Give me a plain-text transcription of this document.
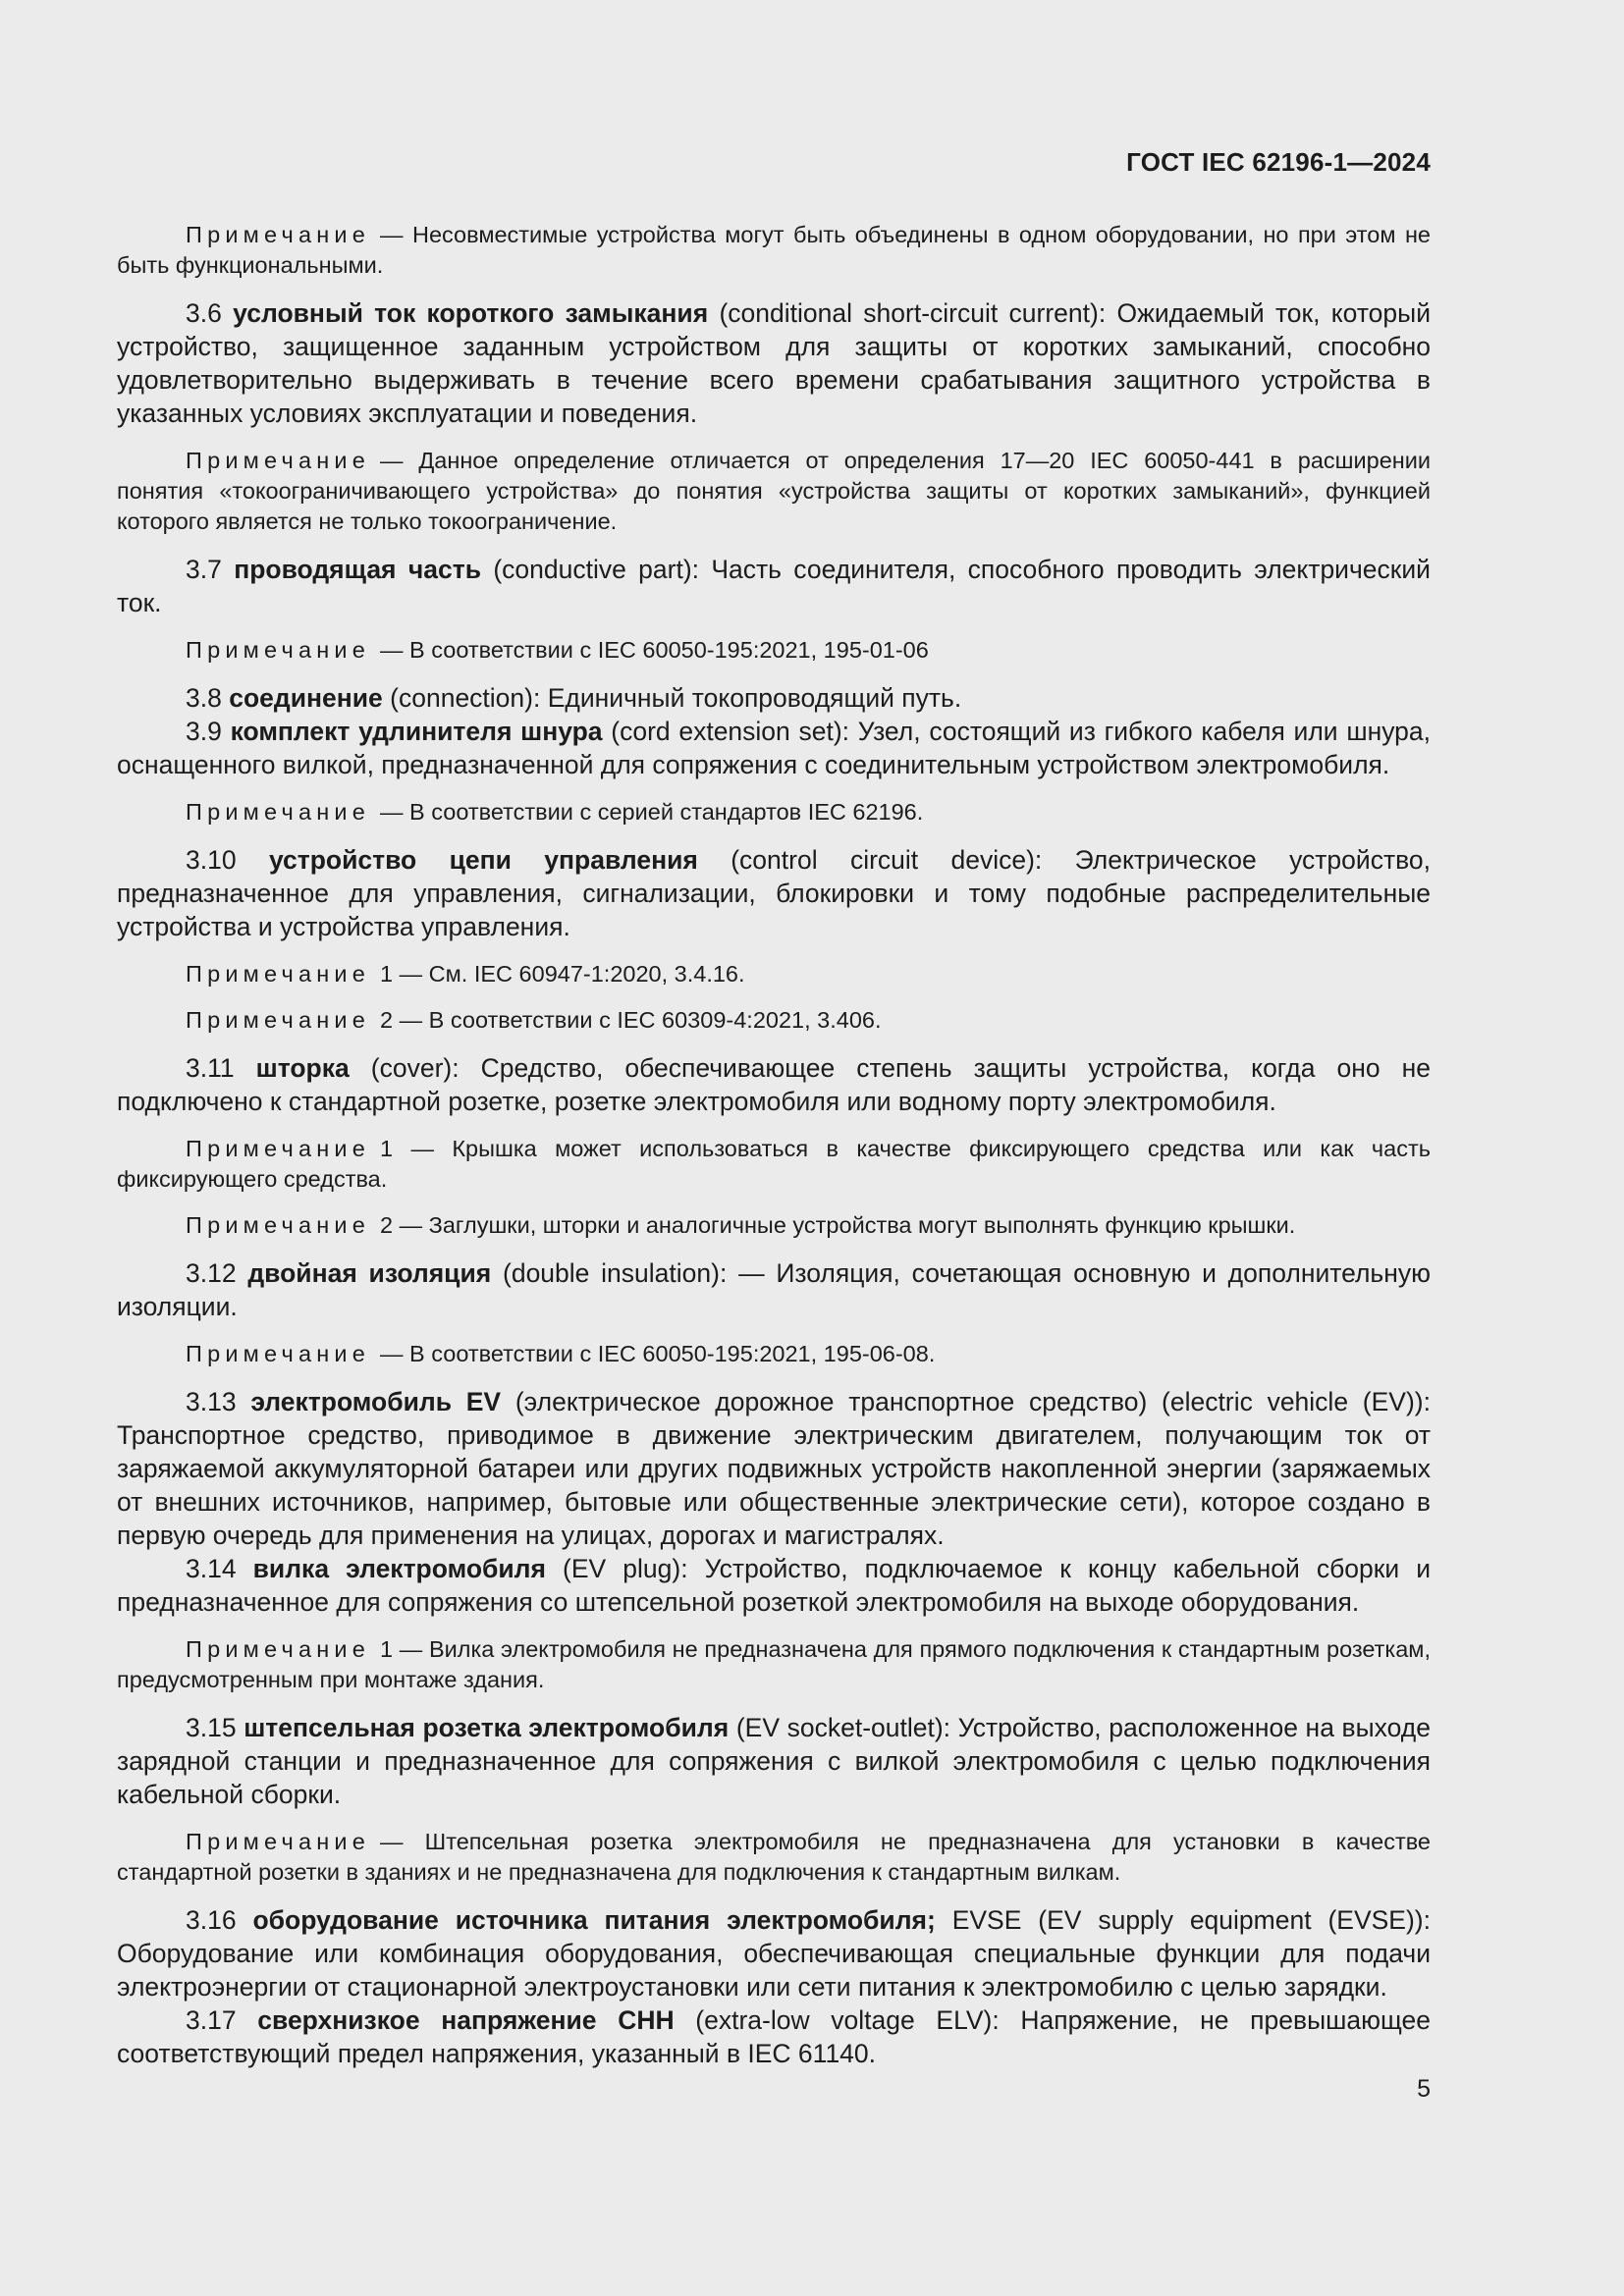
ГОСТ IEC 62196-1—2024

Примечание — Несовместимые устройства могут быть объединены в одном оборудовании, но при этом не быть функциональными.

3.6 условный ток короткого замыкания (conditional short-circuit current): Ожидаемый ток, который устройство, защищенное заданным устройством для защиты от коротких замыканий, способно удовлетворительно выдерживать в течение всего времени срабатывания защитного устройства в указанных условиях эксплуатации и поведения.

Примечание — Данное определение отличается от определения 17—20 IEC 60050-441 в расширении понятия «токоограничивающего устройства» до понятия «устройства защиты от коротких замыканий», функцией которого является не только токоограничение.

3.7 проводящая часть (conductive part): Часть соединителя, способного проводить электрический ток.

Примечание — В соответствии с IEC 60050-195:2021, 195-01-06

3.8 соединение (connection): Единичный токопроводящий путь.

3.9 комплект удлинителя шнура (cord extension set): Узел, состоящий из гибкого кабеля или шнура, оснащенного вилкой, предназначенной для сопряжения с соединительным устройством электромобиля.

Примечание — В соответствии с серией стандартов IEC 62196.

3.10 устройство цепи управления (control circuit device): Электрическое устройство, предназначенное для управления, сигнализации, блокировки и тому подобные распределительные устройства и устройства управления.

Примечание 1 — См. IEC 60947-1:2020, 3.4.16.

Примечание 2 — В соответствии с IEC 60309-4:2021, 3.406.

3.11 шторка (cover): Средство, обеспечивающее степень защиты устройства, когда оно не подключено к стандартной розетке, розетке электромобиля или водному порту электромобиля.

Примечание 1 — Крышка может использоваться в качестве фиксирующего средства или как часть фиксирующего средства.

Примечание 2 — Заглушки, шторки и аналогичные устройства могут выполнять функцию крышки.

3.12 двойная изоляция (double insulation): — Изоляция, сочетающая основную и дополнительную изоляции.

Примечание — В соответствии с IEC 60050-195:2021, 195-06-08.

3.13 электромобиль EV (электрическое дорожное транспортное средство) (electric vehicle (EV)): Транспортное средство, приводимое в движение электрическим двигателем, получающим ток от заряжаемой аккумуляторной батареи или других подвижных устройств накопленной энергии (заряжаемых от внешних источников, например, бытовые или общественные электрические сети), которое создано в первую очередь для применения на улицах, дорогах и магистралях.

3.14 вилка электромобиля (EV plug): Устройство, подключаемое к концу кабельной сборки и предназначенное для сопряжения со штепсельной розеткой электромобиля на выходе оборудования.

Примечание 1 — Вилка электромобиля не предназначена для прямого подключения к стандартным розеткам, предусмотренным при монтаже здания.

3.15 штепсельная розетка электромобиля (EV socket-outlet): Устройство, расположенное на выходе зарядной станции и предназначенное для сопряжения с вилкой электромобиля с целью подключения кабельной сборки.

Примечание — Штепсельная розетка электромобиля не предназначена для установки в качестве стандартной розетки в зданиях и не предназначена для подключения к стандартным вилкам.

3.16 оборудование источника питания электромобиля; EVSE (EV supply equipment (EVSE)): Оборудование или комбинация оборудования, обеспечивающая специальные функции для подачи электроэнергии от стационарной электроустановки или сети питания к электромобилю с целью зарядки.

3.17 сверхнизкое напряжение СНН (extra-low voltage ELV): Напряжение, не превышающее соответствующий предел напряжения, указанный в IEC 61140.

5
